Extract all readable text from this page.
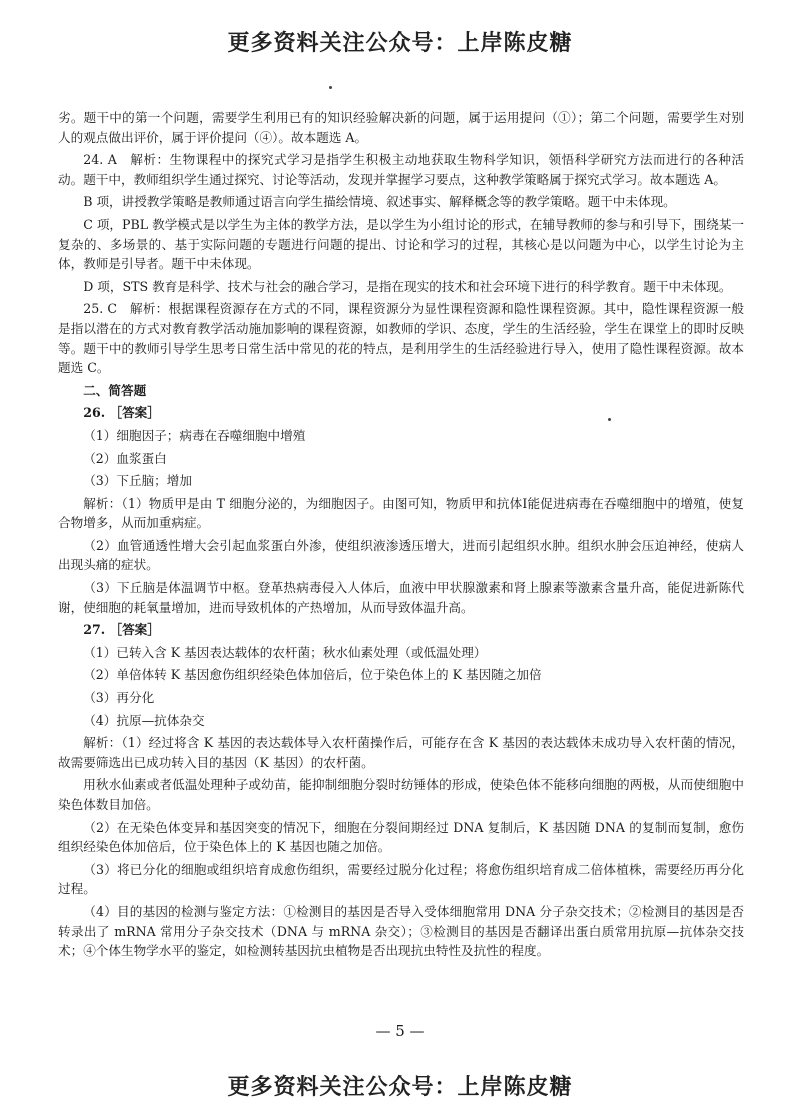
更多资料关注公众号：上岸陈皮糖

劣。题干中的第一个问题，需要学生利用已有的知识经验解决新的问题，属于运用提问（①）；第二个问题，需要学生对别人的观点做出评价，属于评价提问（④）。故本题选 A。

24. A　解析：生物课程中的探究式学习是指学生积极主动地获取生物科学知识，领悟科学研究方法而进行的各种活动。题干中，教师组织学生通过探究、讨论等活动，发现并掌握学习要点，这种教学策略属于探究式学习。故本题选 A。

B 项，讲授教学策略是教师通过语言向学生描绘情境、叙述事实、解释概念等的教学策略。题干中未体现。

C 项，PBL 教学模式是以学生为主体的教学方法，是以学生为小组讨论的形式，在辅导教师的参与和引导下，围绕某一复杂的、多场景的、基于实际问题的专题进行问题的提出、讨论和学习的过程，其核心是以问题为中心，以学生讨论为主体，教师是引导者。题干中未体现。

D 项，STS 教育是科学、技术与社会的融合学习，是指在现实的技术和社会环境下进行的科学教育。题干中未体现。

25. C　解析：根据课程资源存在方式的不同，课程资源分为显性课程资源和隐性课程资源。其中，隐性课程资源一般是指以潜在的方式对教育教学活动施加影响的课程资源，如教师的学识、态度，学生的生活经验，学生在课堂上的即时反映等。题干中的教师引导学生思考日常生活中常见的花的特点，是利用学生的生活经验进行导入，使用了隐性课程资源。故本题选 C。

二、简答题

26. ［答案］

（1）细胞因子；病毒在吞噬细胞中增殖

（2）血浆蛋白

（3）下丘脑；增加

解析：（1）物质甲是由 T 细胞分泌的，为细胞因子。由图可知，物质甲和抗体Ⅰ能促进病毒在吞噬细胞中的增殖，使复合物增多，从而加重病症。

（2）血管通透性增大会引起血浆蛋白外渗，使组织液渗透压增大，进而引起组织水肿。组织水肿会压迫神经，使病人出现头痛的症状。

（3）下丘脑是体温调节中枢。登革热病毒侵入人体后，血液中甲状腺激素和肾上腺素等激素含量升高，能促进新陈代谢，使细胞的耗氧量增加，进而导致机体的产热增加，从而导致体温升高。

27. ［答案］

（1）已转入含 K 基因表达载体的农杆菌；秋水仙素处理（或低温处理）

（2）单倍体转 K 基因愈伤组织经染色体加倍后，位于染色体上的 K 基因随之加倍

（3）再分化

（4）抗原—抗体杂交

解析：（1）经过将含 K 基因的表达载体导入农杆菌操作后，可能存在含 K 基因的表达载体未成功导入农杆菌的情况，故需要筛选出已成功转入目的基因（K 基因）的农杆菌。

用秋水仙素或者低温处理种子或幼苗，能抑制细胞分裂时纺锤体的形成，使染色体不能移向细胞的两极，从而使细胞中染色体数目加倍。

（2）在无染色体变异和基因突变的情况下，细胞在分裂间期经过 DNA 复制后，K 基因随 DNA 的复制而复制，愈伤组织经染色体加倍后，位于染色体上的 K 基因也随之加倍。

（3）将已分化的细胞或组织培育成愈伤组织，需要经过脱分化过程；将愈伤组织培育成二倍体植株，需要经历再分化过程。

（4）目的基因的检测与鉴定方法：①检测目的基因是否导入受体细胞常用 DNA 分子杂交技术；②检测目的基因是否转录出了 mRNA 常用分子杂交技术（DNA 与 mRNA 杂交）；③检测目的基因是否翻译出蛋白质常用抗原—抗体杂交技术；④个体生物学水平的鉴定，如检测转基因抗虫植物是否出现抗虫特性及抗性的程度。

— 5 —
更多资料关注公众号：上岸陈皮糖
